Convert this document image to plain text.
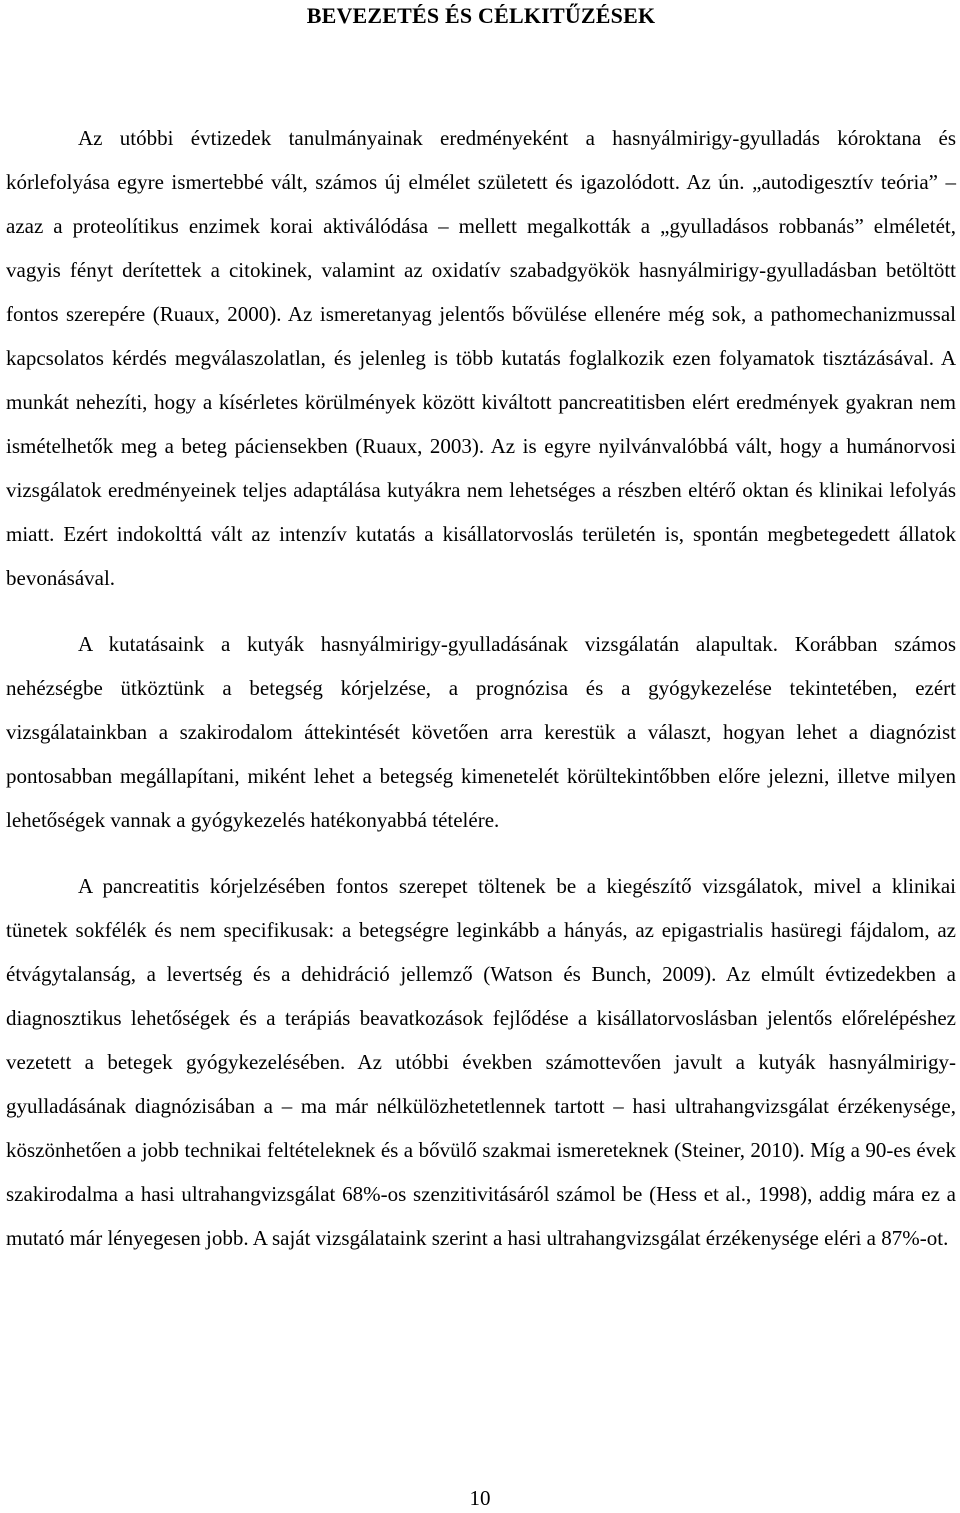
BEVEZETÉS ÉS CÉLKITŰZÉSEK

Az utóbbi évtizedek tanulmányainak eredményeként a hasnyálmirigy-gyulladás kóroktana és kórlefolyása egyre ismertebbé vált, számos új elmélet született és igazolódott. Az ún. „autodigesztív teória” – azaz a proteolítikus enzimek korai aktiválódása – mellett megalkották a „gyulladásos robbanás” elméletét, vagyis fényt derítettek a citokinek, valamint az oxidatív szabadgyökök hasnyálmirigy-gyulladásban betöltött fontos szerepére (Ruaux, 2000). Az ismeretanyag jelentős bővülése ellenére még sok, a pathomechanizmussal kapcsolatos kérdés megválaszolatlan, és jelenleg is több kutatás foglalkozik ezen folyamatok tisztázásával. A munkát nehezíti, hogy a kísérletes körülmények között kiváltott pancreatitisben elért eredmények gyakran nem ismételhetők meg a beteg páciensekben (Ruaux, 2003). Az is egyre nyilvánvalóbbá vált, hogy a humánorvosi vizsgálatok eredményeinek teljes adaptálása kutyákra nem lehetséges a részben eltérő oktan és klinikai lefolyás miatt. Ezért indokolttá vált az intenzív kutatás a kisállatorvoslás területén is, spontán megbetegedett állatok bevonásával.

A kutatásaink a kutyák hasnyálmirigy-gyulladásának vizsgálatán alapultak. Korábban számos nehézségbe ütköztünk a betegség kórjelzése, a prognózisa és a gyógykezelése tekintetében, ezért vizsgálatainkban a szakirodalom áttekintését követően arra kerestük a választ, hogyan lehet a diagnózist pontosabban megállapítani, miként lehet a betegség kimenetelét körültekintőbben előre jelezni, illetve milyen lehetőségek vannak a gyógykezelés hatékonyabbá tételére.

A pancreatitis kórjelzésében fontos szerepet töltenek be a kiegészítő vizsgálatok, mivel a klinikai tünetek sokfélék és nem specifikusak: a betegségre leginkább a hányás, az epigastrialis hasüregi fájdalom, az étvágytalanság, a levertség és a dehidráció jellemző (Watson és Bunch, 2009). Az elmúlt évtizedekben a diagnosztikus lehetőségek és a terápiás beavatkozások fejlődése a kisállatorvoslásban jelentős előrelépéshez vezetett a betegek gyógykezelésében. Az utóbbi években számottevően javult a kutyák hasnyálmirigy-gyulladásának diagnózisában a – ma már nélkülözhetetlennek tartott – hasi ultrahangvizsgálat érzékenysége, köszönhetően a jobb technikai feltételeknek és a bővülő szakmai ismereteknek (Steiner, 2010). Míg a 90-es évek szakirodalma a hasi ultrahangvizsgálat 68%-os szenzitivitásáról számol be (Hess et al., 1998), addig mára ez a mutató már lényegesen jobb. A saját vizsgálataink szerint a hasi ultrahangvizsgálat érzékenysége eléri a 87%-ot.

10
